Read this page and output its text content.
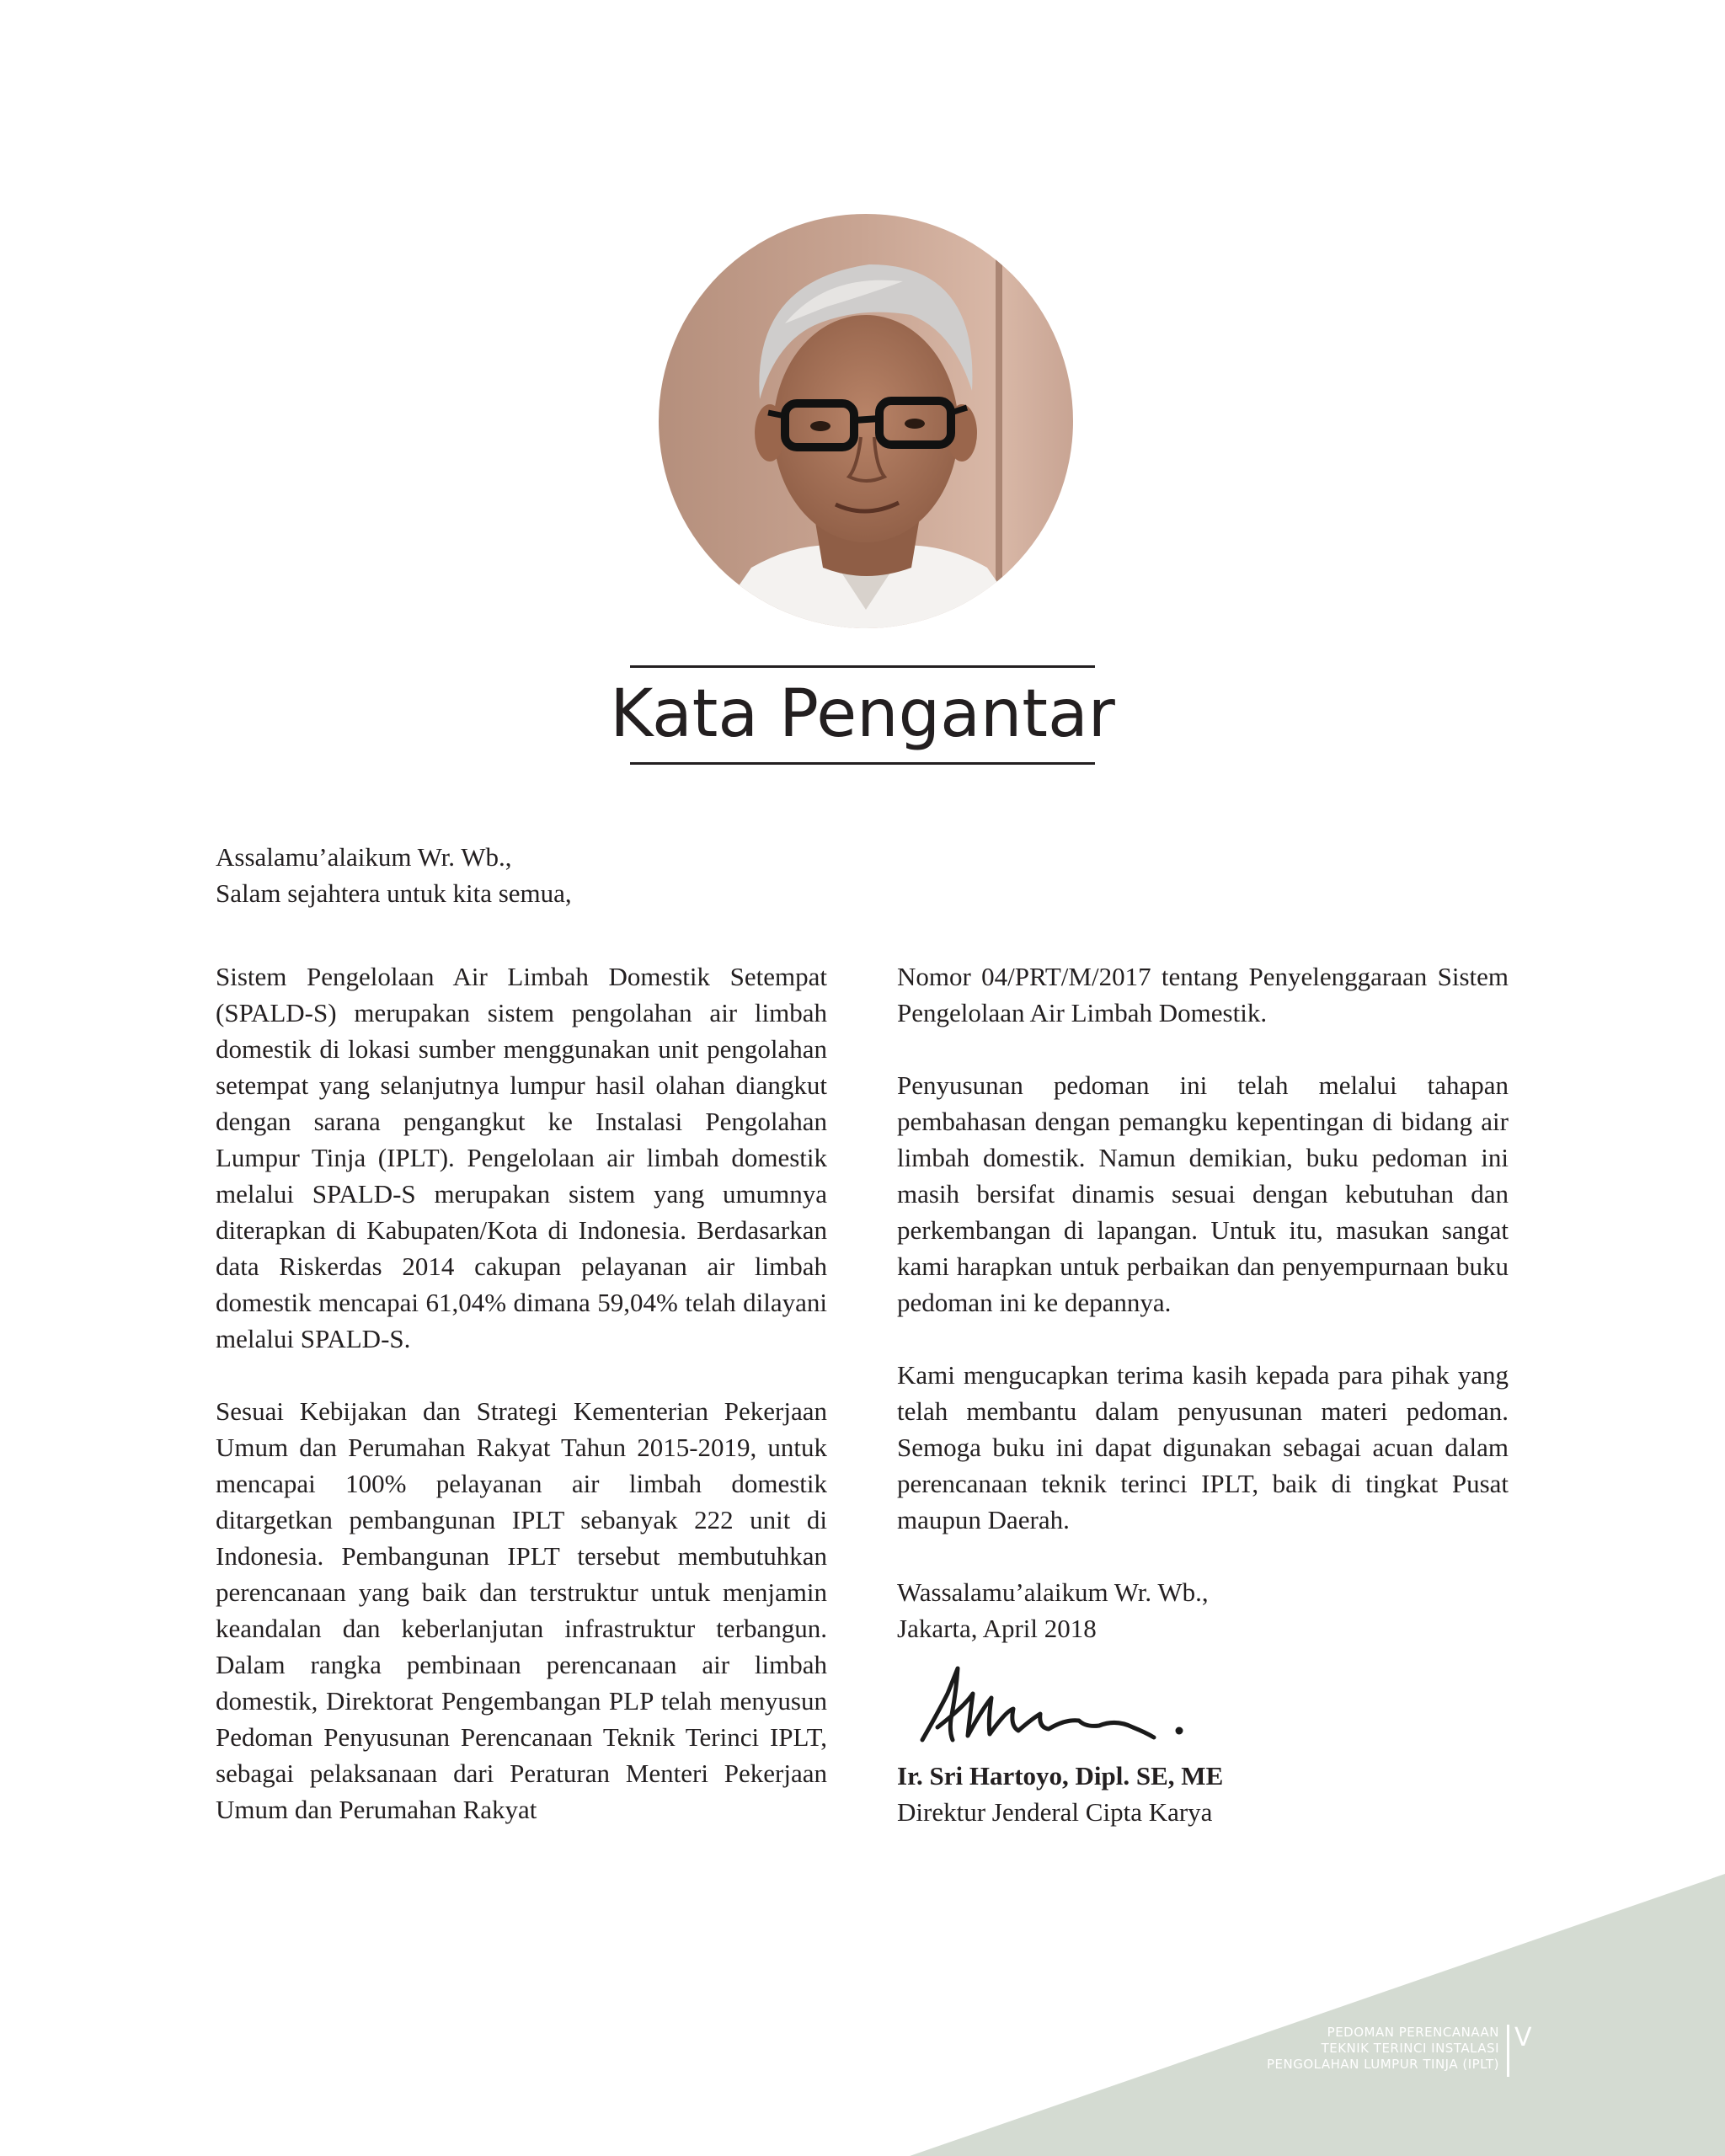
Kata Pengantar
Assalamu’alaikum Wr. Wb.,
Salam sejahtera untuk kita semua,

Sistem Pengelolaan Air Limbah Domestik Setempat (SPALD-S) merupakan sistem pengolahan air limbah domestik di lokasi sumber menggunakan unit pengolahan setempat yang selanjutnya lumpur hasil olahan diangkut dengan sarana pengangkut ke Instalasi Pengolahan Lumpur Tinja (IPLT). Pengelolaan air limbah domestik melalui SPALD-S merupakan sistem yang umumnya diterapkan di Kabupaten/Kota di Indonesia. Berdasarkan data Riskerdas 2014 cakupan pelayanan air limbah domestik mencapai 61,04% dimana 59,04% telah dilayani melalui SPALD-S.

Sesuai Kebijakan dan Strategi Kementerian Pekerjaan Umum dan Perumahan Rakyat Tahun 2015-2019, untuk mencapai 100% pelayanan air limbah domestik ditargetkan pembangunan IPLT sebanyak 222 unit di Indonesia. Pembangunan IPLT tersebut membutuhkan perencanaan yang baik dan terstruktur untuk menjamin keandalan dan keberlanjutan infrastruktur terbangun. Dalam rangka pembinaan perencanaan air limbah domestik, Direktorat Pengembangan PLP telah menyusun Pedoman Penyusunan Perencanaan Teknik Terinci IPLT, sebagai pelaksanaan dari Peraturan Menteri Pekerjaan Umum dan Perumahan Rakyat

Nomor 04/PRT/M/2017 tentang Penyelenggaraan Sistem Pengelolaan Air Limbah Domestik.

Penyusunan pedoman ini telah melalui tahapan pembahasan dengan pemangku kepentingan di bidang air limbah domestik. Namun demikian, buku pedoman ini masih bersifat dinamis sesuai dengan kebutuhan dan perkembangan di lapangan. Untuk itu, masukan sangat kami harapkan untuk perbaikan dan penyempurnaan buku pedoman ini ke depannya.

Kami mengucapkan terima kasih kepada para pihak yang telah membantu dalam penyusunan materi pedoman. Semoga buku ini dapat digunakan sebagai acuan dalam perencanaan teknik terinci IPLT, baik di tingkat Pusat maupun Daerah.

Wassalamu’alaikum Wr. Wb.,
Jakarta, April 2018
Ir. Sri Hartoyo, Dipl. SE, ME
Direktur Jenderal Cipta Karya
PEDOMAN PERENCANAAN
TEKNIK TERINCI INSTALASI
PENGOLAHAN LUMPUR TINJA (IPLT)
V
